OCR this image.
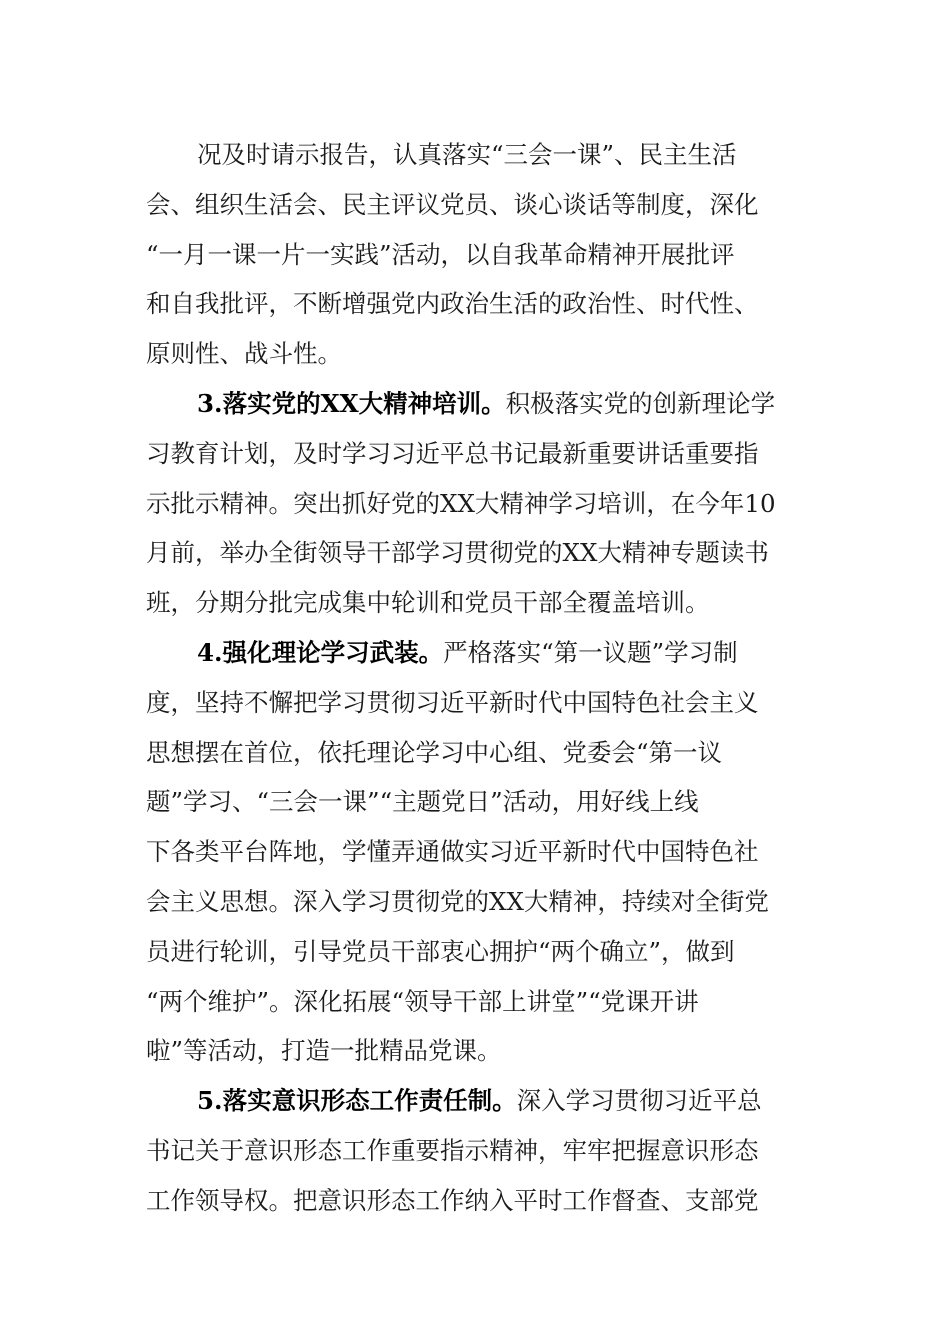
况及时请示报告，认真落实“三会一课”、民主生活
会、组织生活会、民主评议党员、谈心谈话等制度，深化
“一月一课一片一实践”活动，以自我革命精神开展批评
和自我批评，不断增强党内政治生活的政治性、时代性、
原则性、战斗性。

3.落实党的XX大精神培训。积极落实党的创新理论学
习教育计划，及时学习习近平总书记最新重要讲话重要指
示批示精神。突出抓好党的XX大精神学习培训，在今年10
月前，举办全街领导干部学习贯彻党的XX大精神专题读书
班，分期分批完成集中轮训和党员干部全覆盖培训。

4.强化理论学习武装。严格落实“第一议题”学习制
度，坚持不懈把学习贯彻习近平新时代中国特色社会主义
思想摆在首位，依托理论学习中心组、党委会“第一议
题”学习、“三会一课”“主题党日”活动，用好线上线
下各类平台阵地，学懂弄通做实习近平新时代中国特色社
会主义思想。深入学习贯彻党的XX大精神，持续对全街党
员进行轮训，引导党员干部衷心拥护“两个确立”，做到
“两个维护”。深化拓展“领导干部上讲堂”“党课开讲
啦”等活动，打造一批精品党课。

5.落实意识形态工作责任制。深入学习贯彻习近平总
书记关于意识形态工作重要指示精神，牢牢把握意识形态
工作领导权。把意识形态工作纳入平时工作督查、支部党
